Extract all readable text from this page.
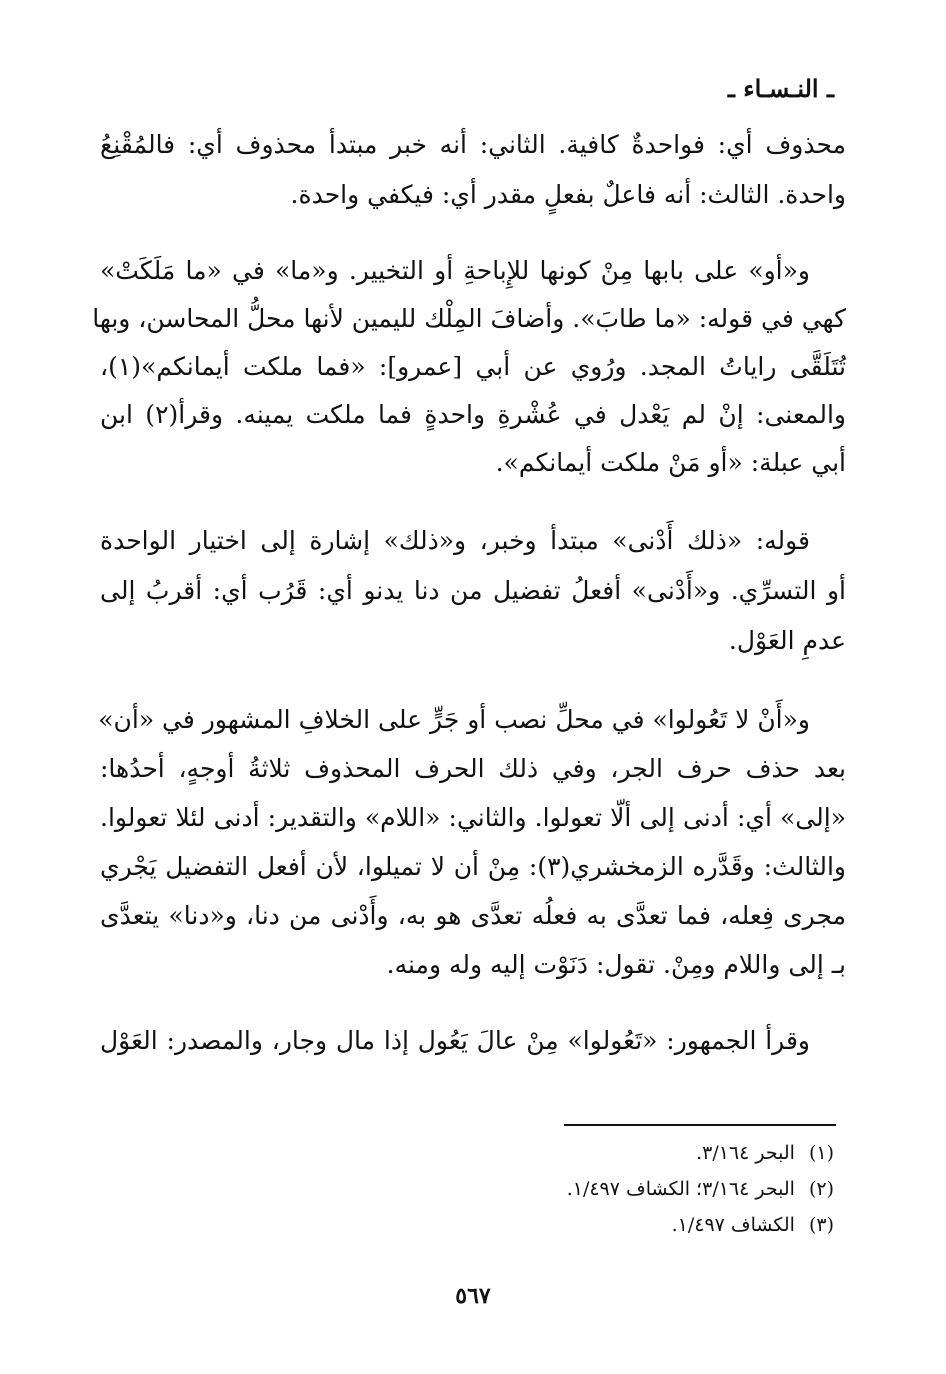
ـ النـسـاء ـ
محذوف أي: فواحدةٌ كافية. الثاني: أنه خبر مبتدأ محذوف أي: فالمُقْنِعُ
واحدة. الثالث: أنه فاعلٌ بفعلٍ مقدر أي: فيكفي واحدة.
و«أو» على بابها مِنْ كونها للإِباحةِ أو التخيير. و«ما» في «ما مَلَكَتْ»
كهي في قوله: «ما طابَ». وأضافَ المِلْك لليمين لأنها محلُّ المحاسن، وبها
تُتَلَقَّى راياتُ المجد. ورُوي عن أبي [عمرو]: «فما ملكت أيمانكم»(١)،
والمعنى: إنْ لم يَعْدل في عُشْرةِ واحدةٍ فما ملكت يمينه. وقرأ(٢) ابن
أبي عبلة: «أو مَنْ ملكت أيمانكم».
قوله: «ذلك أَدْنى» مبتدأ وخبر، و«ذلك» إشارة إلى اختيار الواحدة
أو التسرِّي. و«أَدْنى» أفعلُ تفضيل من دنا يدنو أي: قَرُب أي: أقربُ إلى
عدمِ العَوْل.
و«أَنْ لا تَعُولوا» في محلِّ نصب أو جَرٍّ على الخلافِ المشهور في «أن»
بعد حذف حرف الجر، وفي ذلك الحرف المحذوف ثلاثةُ أوجهٍ، أحدُها:
«إلى» أي: أدنى إلى ألّا تعولوا. والثاني: «اللام» والتقدير: أدنى لئلا تعولوا.
والثالث: وقَدَّره الزمخشري(٣): مِنْ أن لا تميلوا، لأن أفعل التفضيل يَجْري
مجرى فِعله، فما تعدَّى به فعلُه تعدَّى هو به، وأَدْنى من دنا، و«دنا» يتعدَّى
بـ إلى واللام ومِنْ. تقول: دَنَوْت إليه وله ومنه.
وقرأ الجمهور: «تَعُولوا» مِنْ عالَ يَعُول إذا مال وجار، والمصدر: العَوْل
(١)البحر ٣/١٦٤.
(٢)البحر ٣/١٦٤؛ الكشاف ١/٤٩٧.
(٣)الكشاف ١/٤٩٧.
٥٦٧
